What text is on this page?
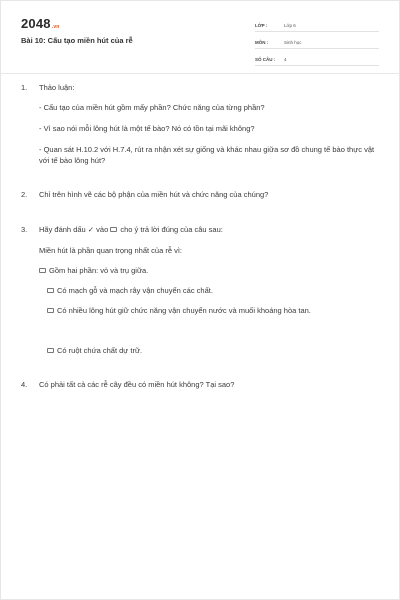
2048.vn
Bài 10: Cấu tạo miền hút của rễ
LỚP :	Lớp 6
MÔN :	Sinh học
SỐ CÂU :	4
1. Thảo luận:
- Cấu tạo của miền hút gồm mấy phần? Chức năng của từng phần?
- Vì sao nói mỗi lông hút là một tế bào? Nó có tồn tại mãi không?
- Quan sát H.10.2 với H.7.4, rút ra nhận xét sự giống và khác nhau giữa sơ đồ chung tế bào thực vật với tế bào lông hút?
2. Chỉ trên hình vẽ các bộ phận của miền hút và chức năng của chúng?
3. Hãy đánh dấu ✓ vào cho ý trả lời đúng của câu sau:
Miền hút là phần quan trọng nhất của rễ vì:
Gồm hai phần: vỏ và trụ giữa.
Có mạch gỗ và mạch rây vận chuyển các chất.
Có nhiều lông hút giữ chức năng vận chuyển nước và muối khoáng hòa tan.
Có ruột chứa chất dự trữ.
4. Có phải tất cả các rễ cây đều có miền hút không? Tại sao?
